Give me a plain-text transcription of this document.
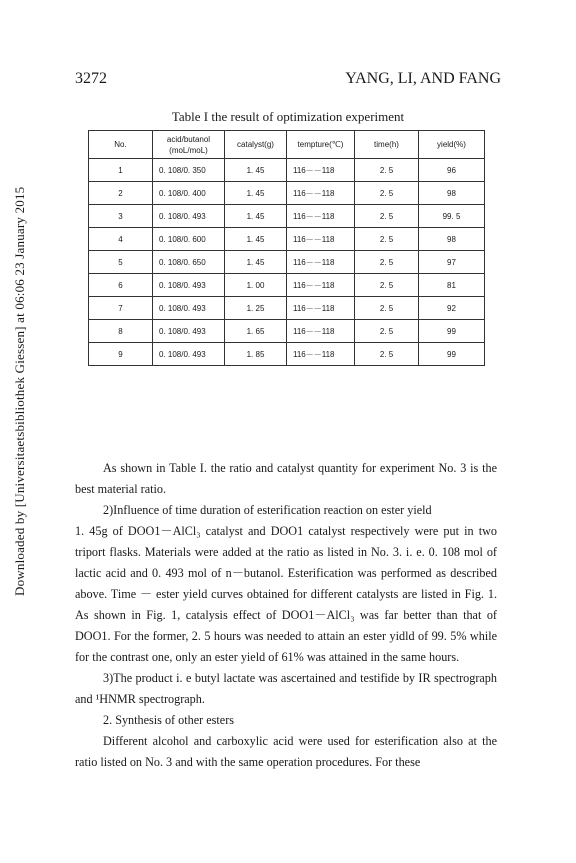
Downloaded by [Universitaetsbibliothek Giessen] at 06:06 23 January 2015
3272	YANG, LI, AND FANG
Table I the result of optimization experiment
No.	acid/butanol (moL/moL)	catalyst(g)	tempture(℃)	time(h)	yield(%)
1	0. 108/0. 350	1. 45	116－－118	2. 5	96
2	0. 108/0. 400	1. 45	116－－118	2. 5	98
3	0. 108/0. 493	1. 45	116－－118	2. 5	99. 5
4	0. 108/0. 600	1. 45	116－－118	2. 5	98
5	0. 108/0. 650	1. 45	116－－118	2. 5	97
6	0. 108/0. 493	1. 00	116－－118	2. 5	81
7	0. 108/0. 493	1. 25	116－－118	2. 5	92
8	0. 108/0. 493	1. 65	116－－118	2. 5	99
9	0. 108/0. 493	1. 85	116－－118	2. 5	99

As shown in Table I. the ratio and catalyst quantity for experiment No. 3 is the best material ratio.

2)Influence of time duration of esterification reaction on ester yield

1. 45g of DOO1－AlCl₃ catalyst and DOO1 catalyst respectively were put in two triport flasks. Materials were added at the ratio as listed in No. 3. i. e. 0. 108 mol of lactic acid and 0. 493 mol of n－butanol. Esterification was performed as described above. Time － ester yield curves obtained for different catalysts are listed in Fig. 1. As shown in Fig. 1, catalysis effect of DOO1－AlCl₃ was far better than that of DOO1. For the former, 2. 5 hours was needed to attain an ester yidld of 99. 5% while for the contrast one, only an ester yield of 61% was attained in the same hours.

3)The product i. e butyl lactate was ascertained and testifide by IR spectrograph and ¹HNMR spectrograph.

2. Synthesis of other esters

Different alcohol and carboxylic acid were used for esterification also at the ratio listed on No. 3 and with the same operation procedures. For these
